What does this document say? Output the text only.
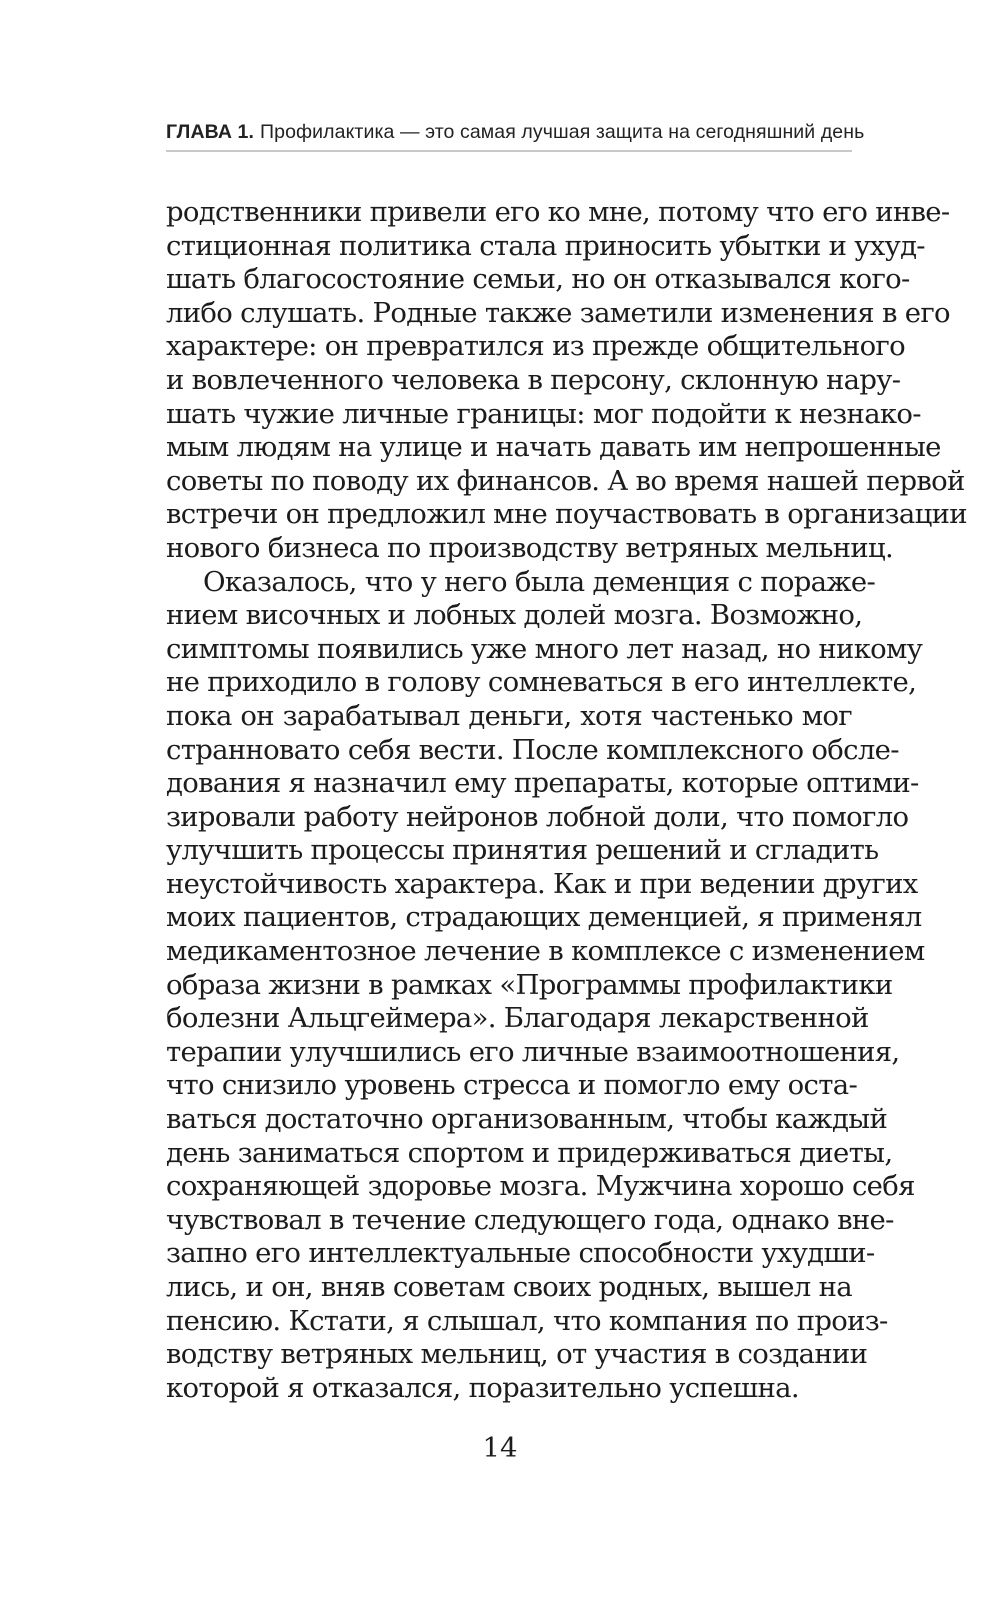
ГЛАВА 1. Профилактика — это самая лучшая защита на сегодняшний день
родственники привели его ко мне, потому что его инве-
стиционная политика стала приносить убытки и ухуд-
шать благосостояние семьи, но он отказывался кого-
либо слушать. Родные также заметили изменения в его
характере: он превратился из прежде общительного
и вовлеченного человека в персону, склонную нару-
шать чужие личные границы: мог подойти к незнако-
мым людям на улице и начать давать им непрошенные
советы по поводу их финансов. А во время нашей первой
встречи он предложил мне поучаствовать в организации
нового бизнеса по производству ветряных мельниц.
Оказалось, что у него была деменция с пораже-
нием височных и лобных долей мозга. Возможно,
симптомы появились уже много лет назад, но никому
не приходило в голову сомневаться в его интеллекте,
пока он зарабатывал деньги, хотя частенько мог
странновато себя вести. После комплексного обсле-
дования я назначил ему препараты, которые оптими-
зировали работу нейронов лобной доли, что помогло
улучшить процессы принятия решений и сгладить
неустойчивость характера. Как и при ведении других
моих пациентов, страдающих деменцией, я применял
медикаментозное лечение в комплексе с изменением
образа жизни в рамках «Программы профилактики
болезни Альцгеймера». Благодаря лекарственной
терапии улучшились его личные взаимоотношения,
что снизило уровень стресса и помогло ему оста-
ваться достаточно организованным, чтобы каждый
день заниматься спортом и придерживаться диеты,
сохраняющей здоровье мозга. Мужчина хорошо себя
чувствовал в течение следующего года, однако вне-
запно его интеллектуальные способности ухудши-
лись, и он, вняв советам своих родных, вышел на
пенсию. Кстати, я слышал, что компания по произ-
водству ветряных мельниц, от участия в создании
которой я отказался, поразительно успешна.
14
